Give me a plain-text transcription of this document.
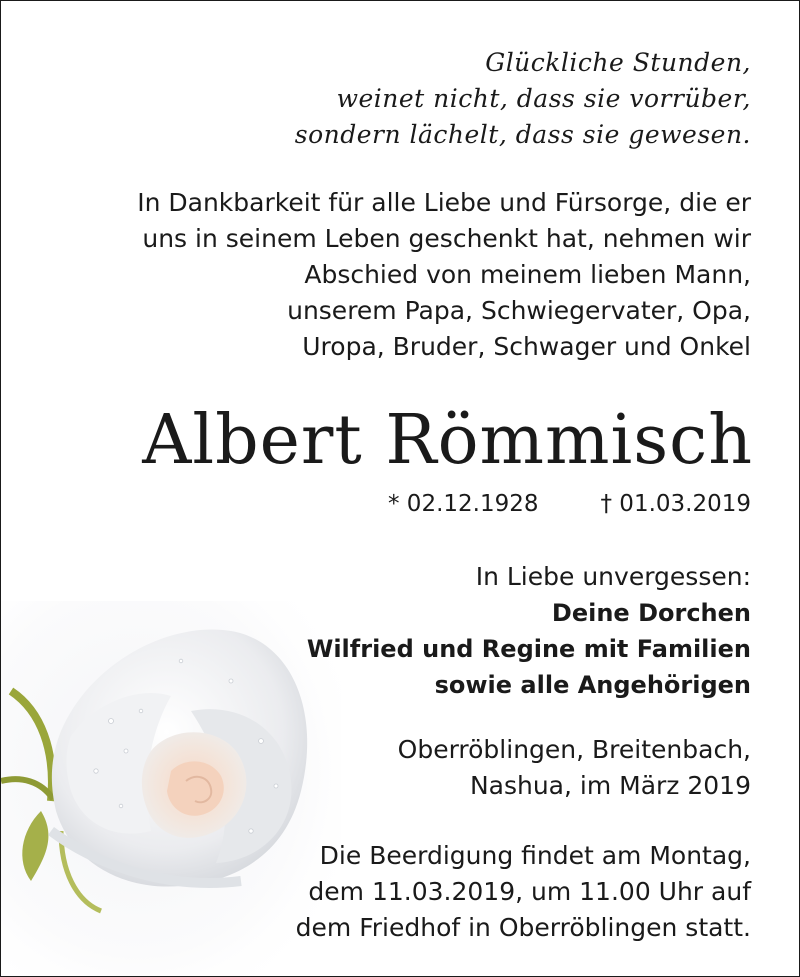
Glückliche Stunden,
weinet nicht, dass sie vorrüber,
sondern lächelt, dass sie gewesen.
In Dankbarkeit für alle Liebe und Fürsorge, die er
uns in seinem Leben geschenkt hat, nehmen wir
Abschied von meinem lieben Mann,
unserem Papa, Schwiegervater, Opa,
Uropa, Bruder, Schwager und Onkel
Albert Römmisch
* 02.12.1928	† 01.03.2019
In Liebe unvergessen:
Deine Dorchen
Wilfried und Regine mit Familien
sowie alle Angehörigen
Oberröblingen, Breitenbach,
Nashua, im März 2019
Die Beerdigung findet am Montag,
dem 11.03.2019, um 11.00 Uhr auf
dem Friedhof in Oberröblingen statt.
